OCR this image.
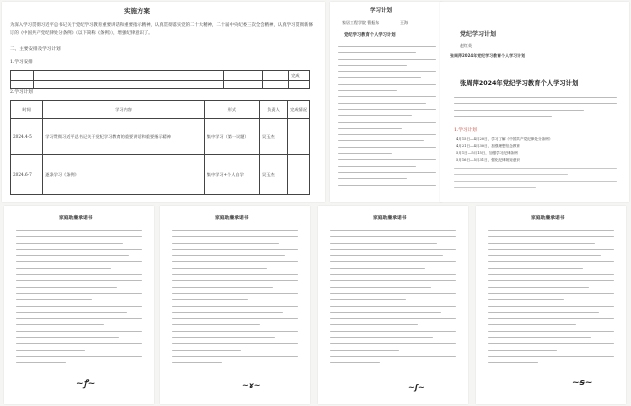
实施方案
为深入学习贯彻习近平总书记关于党纪学习教育重要讲话和重要指示精神，认真贯彻落实党的二十大精神，二十届中央纪委三次全会精神，认真学习贯彻新修订的《中国共产党纪律处分条例》（以下简称《条例》），增强纪律意识了。
二、主要安排及学习计划
1.学习安排
				完成

2.学习计划
时间	学习内容	形式	负责人	完成情况
2024.4-5	学习贯彻习近平总书记关于党纪学习教育的重要讲话和重要指示精神	集中学习（第一议题）	吴玉杰	
2024.6-7	逐条学习《条例》	集中学习+个人自学	吴玉杰	
学习计划
家居工程学院 曹振东	王海
党纪学习教育个人学习计划	党纪学习计划
赵红英
张周萍2024年党纪学习教育个人学习计划
张周萍2024年党纪学习教育个人学习计划
1.学习计划
4月15日—4月20日，学习了解《中国共产党纪律处分条例》
4月21日—4月30日，加强理想信念教育
5月1日—5月15日，加强学习纪律条例
5月16日—5月31日，强化纪律规矩意识
家庭助廉承诺书
~ꝭ~
家庭助廉承诺书
~ɤ~
家庭助廉承诺书
~ʃ~
家庭助廉承诺书
~ꞩ~
